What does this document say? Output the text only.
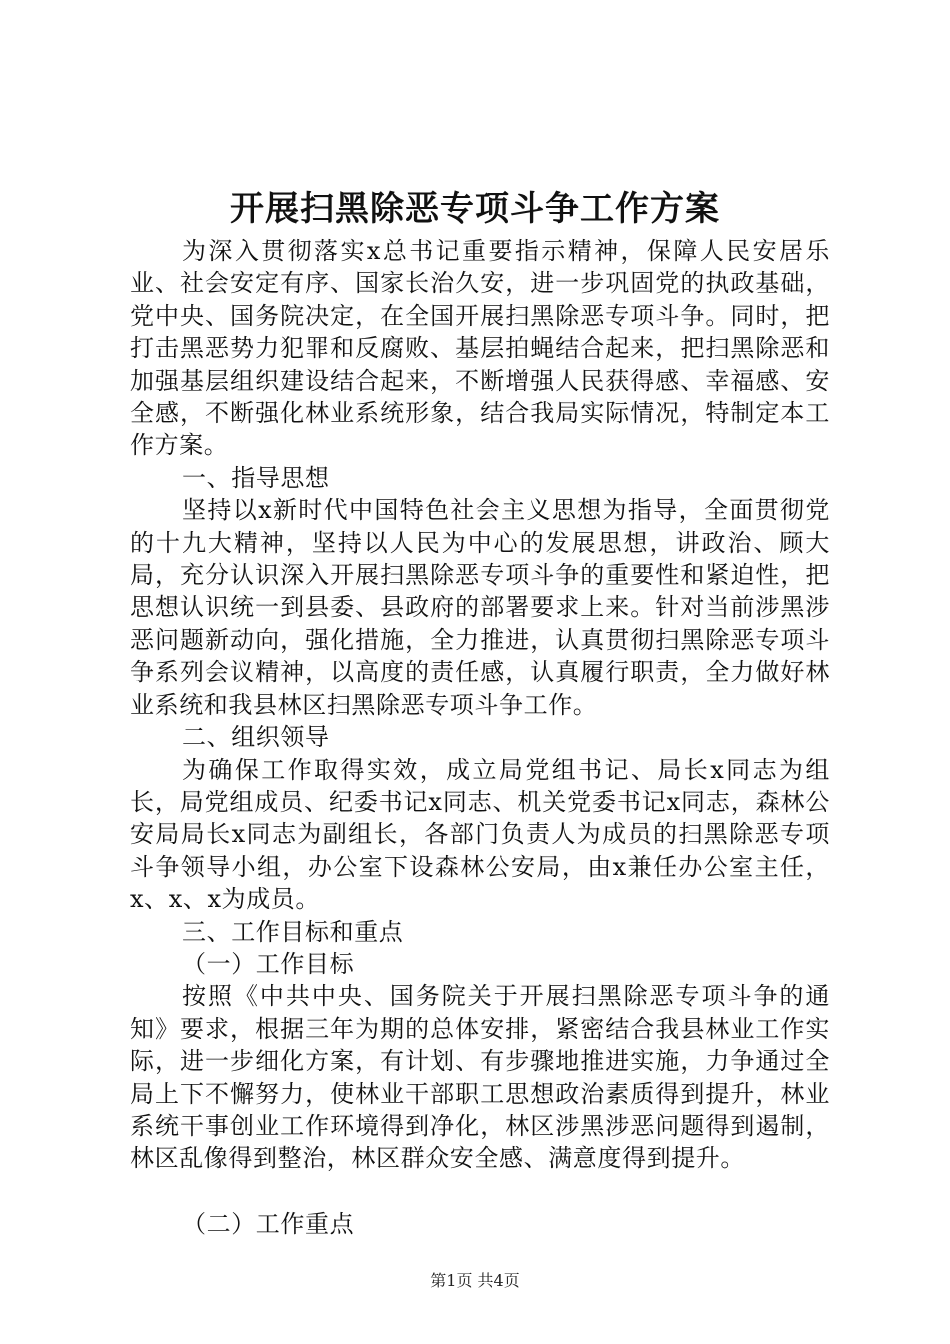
开展扫黑除恶专项斗争工作方案

为深入贯彻落实x总书记重要指示精神，保障人民安居乐业、社会安定有序、国家长治久安，进一步巩固党的执政基础，党中央、国务院决定，在全国开展扫黑除恶专项斗争。同时，把打击黑恶势力犯罪和反腐败、基层拍蝇结合起来，把扫黑除恶和加强基层组织建设结合起来，不断增强人民获得感、幸福感、安全感，不断强化林业系统形象，结合我局实际情况，特制定本工作方案。

一、指导思想

坚持以x新时代中国特色社会主义思想为指导，全面贯彻党的十九大精神，坚持以人民为中心的发展思想，讲政治、顾大局，充分认识深入开展扫黑除恶专项斗争的重要性和紧迫性，把思想认识统一到县委、县政府的部署要求上来。针对当前涉黑涉恶问题新动向，强化措施，全力推进，认真贯彻扫黑除恶专项斗争系列会议精神，以高度的责任感，认真履行职责，全力做好林业系统和我县林区扫黑除恶专项斗争工作。

二、组织领导

为确保工作取得实效，成立局党组书记、局长x同志为组长，局党组成员、纪委书记x同志、机关党委书记x同志，森林公安局局长x同志为副组长，各部门负责人为成员的扫黑除恶专项斗争领导小组，办公室下设森林公安局，由x兼任办公室主任，x、x、x为成员。

三、工作目标和重点

（一）工作目标

按照《中共中央、国务院关于开展扫黑除恶专项斗争的通知》要求，根据三年为期的总体安排，紧密结合我县林业工作实际，进一步细化方案，有计划、有步骤地推进实施，力争通过全局上下不懈努力，使林业干部职工思想政治素质得到提升，林业系统干事创业工作环境得到净化，林区涉黑涉恶问题得到遏制，林区乱像得到整治，林区群众安全感、满意度得到提升。

（二）工作重点

第1页 共4页
